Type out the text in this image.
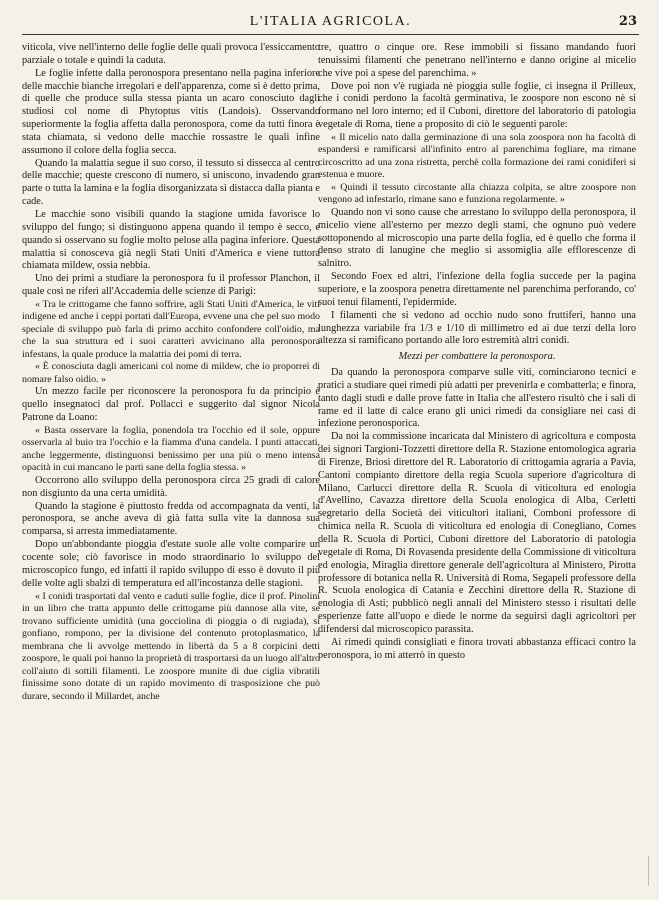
L'ITALIA AGRICOLA.	23

viticola, vive nell'interno delle foglie delle quali provoca l'essiccamento parziale o totale e quindi la caduta.

Le foglie infette dalla peronospora presentano nella pagina inferiore delle macchie bianche irregolari e dell'apparenza, come si è detto prima, di quelle che produce sulla stessa pianta un acaro conosciuto dagli studiosi col nome di Phytoptus vitis (Landois). Osservando superiormente la foglia affetta dalla peronospora, come da tutti finora è stata chiamata, si vedono delle macchie rossastre le quali infine assumono il colore della foglia secca.

Quando la malattia segue il suo corso, il tessuto si dissecca al centro delle macchie; queste crescono di numero, si uniscono, invadendo gran parte o tutta la lamina e la foglia disorganizzata si distacca dalla pianta e cade.

Le macchie sono visibili quando la stagione umida favorisce lo sviluppo del fungo; si distinguono appena quando il tempo è secco, e quando si osservano su foglie molto pelose alla pagina inferiore. Questa malattia si conosceva già negli Stati Uniti d'America e viene tuttora chiamata mildew, ossia nebbia.

Uno dei primi a studiare la peronospora fu il professor Planchon, il quale così ne riferì all'Accademia delle scienze di Parigi:

« Tra le crittogame che fanno soffrire, agli Stati Uniti d'America, le viti indigene ed anche i ceppi portati dall'Europa, evvene una che pel suo modo speciale di sviluppo può farla di primo acchito confondere coll'oidio, ma che la sua struttura ed i suoi caratteri avvicinano alla peronospora infestans, la quale produce la malattia dei pomi di terra.

« È conosciuta dagli americani col nome di mildew, che io proporrei di nomare falso oidio. »

Un mezzo facile per riconoscere la peronospora fu da principio è quello insegnatoci dal prof. Pollacci e suggerito dal signor Nicola Patrone da Loano:

« Basta osservare la foglia, ponendola tra l'occhio ed il sole, oppure osservarla al buio tra l'occhio e la fiamma d'una candela. I punti attaccati, anche leggermente, distinguonsi benissimo per una più o meno intensa opacità in cui mancano le parti sane della foglia stessa. »

Occorrono allo sviluppo della peronospora circa 25 gradi di calore non disgiunto da una certa umidità.

Quando la stagione è piuttosto fredda od accompagnata da venti, la peronospora, se anche aveva di già fatta sulla vite la dannosa sua comparsa, si arresta immediatamente.

Dopo un'abbondante pioggia d'estate suole alle volte comparire un cocente sole; ciò favorisce in modo straordinario lo sviluppo del microscopico fungo, ed infatti il rapido sviluppo di esso è dovuto il più delle volte agli sbalzi di temperatura ed all'incostanza delle stagioni.

« I conidi trasportati dal vento e caduti sulle foglie, dice il prof. Pinolini in un libro che tratta appunto delle crittogame più dannose alla vite, se trovano sufficiente umidità (una gocciolina di pioggia o di rugiada), si gonfiano, rompono, per la divisione del contenuto protoplasmatico, la membrana che li avvolge mettendo in libertà da 5 a 8 corpicini detti zoospore, le quali poi hanno la proprietà di trasportarsi da un luogo all'altro coll'aiuto di sottili filamenti. Le zoospore munite di due ciglia vibratili finissime sono dotate di un rapido movimento di trasposizione che può durare, secondo il Millardet, anche

tre, quattro o cinque ore. Rese immobili si fissano mandando fuori tenuissimi filamenti che penetrano nell'interno e danno origine al micelio che vive poi a spese del parenchima. »

Dove poi non v'è rugiada nè pioggia sulle foglie, ci insegna il Prilleux, che i conidi perdono la facoltà germinativa, le zoospore non escono nè si formano nel loro interno; ed il Cuboni, direttore del laboratorio di patologia vegetale di Roma, tiene a proposito di ciò le seguenti parole:

« Il micelio nato dalla germinazione di una sola zoospora non ha facoltà di espandersi e ramificarsi all'infinito entro al parenchima fogliare, ma rimane circoscritto ad una zona ristretta, perchè colla formazione dei rami conidiferi si estenua e muore.

« Quindi il tessuto circostante alla chiazza colpita, se altre zoospore non vengono ad infestarlo, rimane sano e funziona regolarmente. »

Quando non vi sono cause che arrestano lo sviluppo della peronospora, il micelio viene all'esterno per mezzo degli stami, che ognuno può vedere sottoponendo al microscopio una parte della foglia, ed è quello che forma il denso strato di lanugine che meglio si assomiglia alle efflorescenze di salnitro.

Secondo Foex ed altri, l'infezione della foglia succede per la pagina superiore, e la zoospora penetra direttamente nel parenchima perforando, co' suoi tenui filamenti, l'epidermide.

I filamenti che si vedono ad occhio nudo sono fruttiferi, hanno una lunghezza variabile fra 1/3 e 1/10 di millimetro ed ai due terzi della loro altezza si ramificano portando alle loro estremità altri conidi.

Mezzi per combattere la peronospora.

Da quando la peronospora comparve sulle viti, cominciarono tecnici e pratici a studiare quei rimedi più adatti per prevenirla e combatterla; e finora, tanto dagli studi e dalle prove fatte in Italia che all'estero risultò che i sali di rame ed il latte di calce erano gli unici rimedi da consigliare nei casi di infezione peronosporica.

Da noi la commissione incaricata dal Ministero di agricoltura e composta dei signori Targioni-Tozzetti direttore della R. Stazione entomologica agraria di Firenze, Briosi direttore del R. Laboratorio di crittogamia agraria a Pavia, Cantoni compianto direttore della regia Scuola superiore d'agricoltura di Milano, Carlucci direttore della R. Scuola di viticoltura ed enologia d'Avellino, Cavazza direttore della Scuola enologica di Alba, Cerletti segretario della Società dei viticultori italiani, Comboni professore di chimica nella R. Scuola di viticoltura ed enologia di Conegliano, Comes della R. Scuola di Portici, Cuboni direttore del Laboratorio di patologia vegetale di Roma, Di Rovasenda presidente della Commissione di viticoltura ed enologia, Miraglia direttore generale dell'agricoltura al Ministero, Pirotta professore di botanica nella R. Università di Roma, Segapeli professore della R. Scuola enologica di Catania e Zecchini direttore della R. Stazione di enologia di Asti; pubblicò negli annali del Ministero stesso i risultati delle esperienze fatte all'uopo e diede le norme da seguirsi dagli agricoltori per difendersi dal microscopico parassita.

Ai rimedi quindi consigliati e finora trovati abbastanza efficaci contro la peronospora, io mi atterrò in questo
